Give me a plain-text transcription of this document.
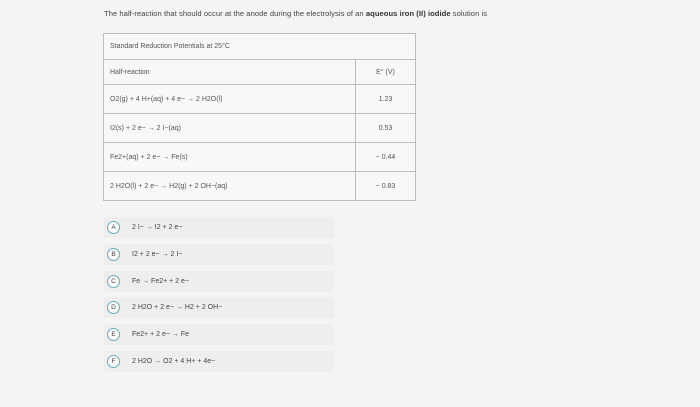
The half-reaction that should occur at the anode during the electrolysis of an aqueous iron (II) iodide solution is
Standard Reduction Potentials at 25°C	
Half-reaction	E° (V)
O2(g) + 4 H+(aq) + 4 e− → 2 H2O(l)	1.23
I2(s) + 2 e− → 2 I−(aq)	0.53
Fe2+(aq) + 2 e− → Fe(s)	− 0.44
2 H2O(l) + 2 e− → H2(g) + 2 OH−(aq)	− 0.83
A	2 I− → I2 + 2 e−
B	I2 + 2 e− → 2 I−
C	Fe → Fe2+ + 2 e−
D	2 H2O + 2 e− → H2 + 2 OH−
E	Fe2+ + 2 e− → Fe
F	2 H2O → O2 + 4 H+ + 4e−
